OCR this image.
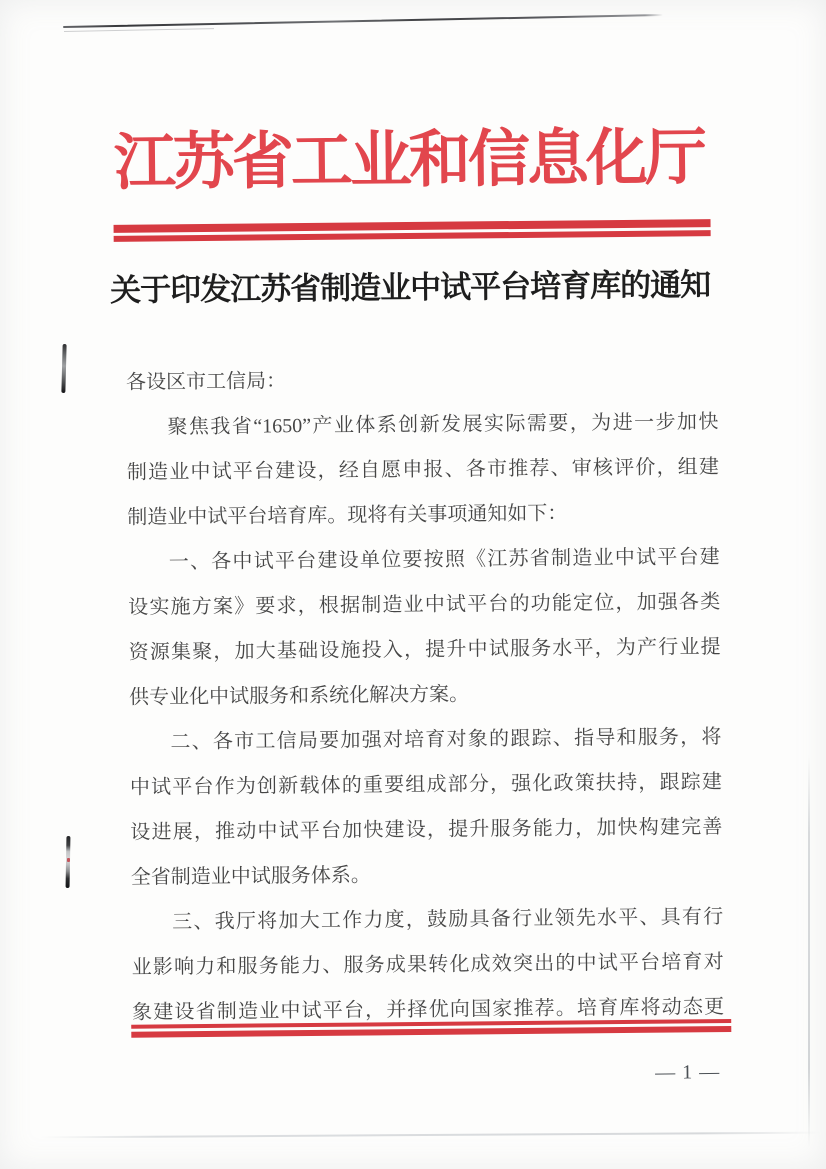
江苏省工业和信息化厅
关于印发江苏省制造业中试平台培育库的通知
各设区市工信局：
聚焦我省“1650”产业体系创新发展实际需要，为进一步加快
制造业中试平台建设，经自愿申报、各市推荐、审核评价，组建
制造业中试平台培育库。现将有关事项通知如下：
一、各中试平台建设单位要按照《江苏省制造业中试平台建
设实施方案》要求，根据制造业中试平台的功能定位，加强各类
资源集聚，加大基础设施投入，提升中试服务水平，为产行业提
供专业化中试服务和系统化解决方案。
二、各市工信局要加强对培育对象的跟踪、指导和服务，将
中试平台作为创新载体的重要组成部分，强化政策扶持，跟踪建
设进展，推动中试平台加快建设，提升服务能力，加快构建完善
全省制造业中试服务体系。
三、我厅将加大工作力度，鼓励具备行业领先水平、具有行
业影响力和服务能力、服务成果转化成效突出的中试平台培育对
象建设省制造业中试平台，并择优向国家推荐。培育库将动态更
— 1 —
